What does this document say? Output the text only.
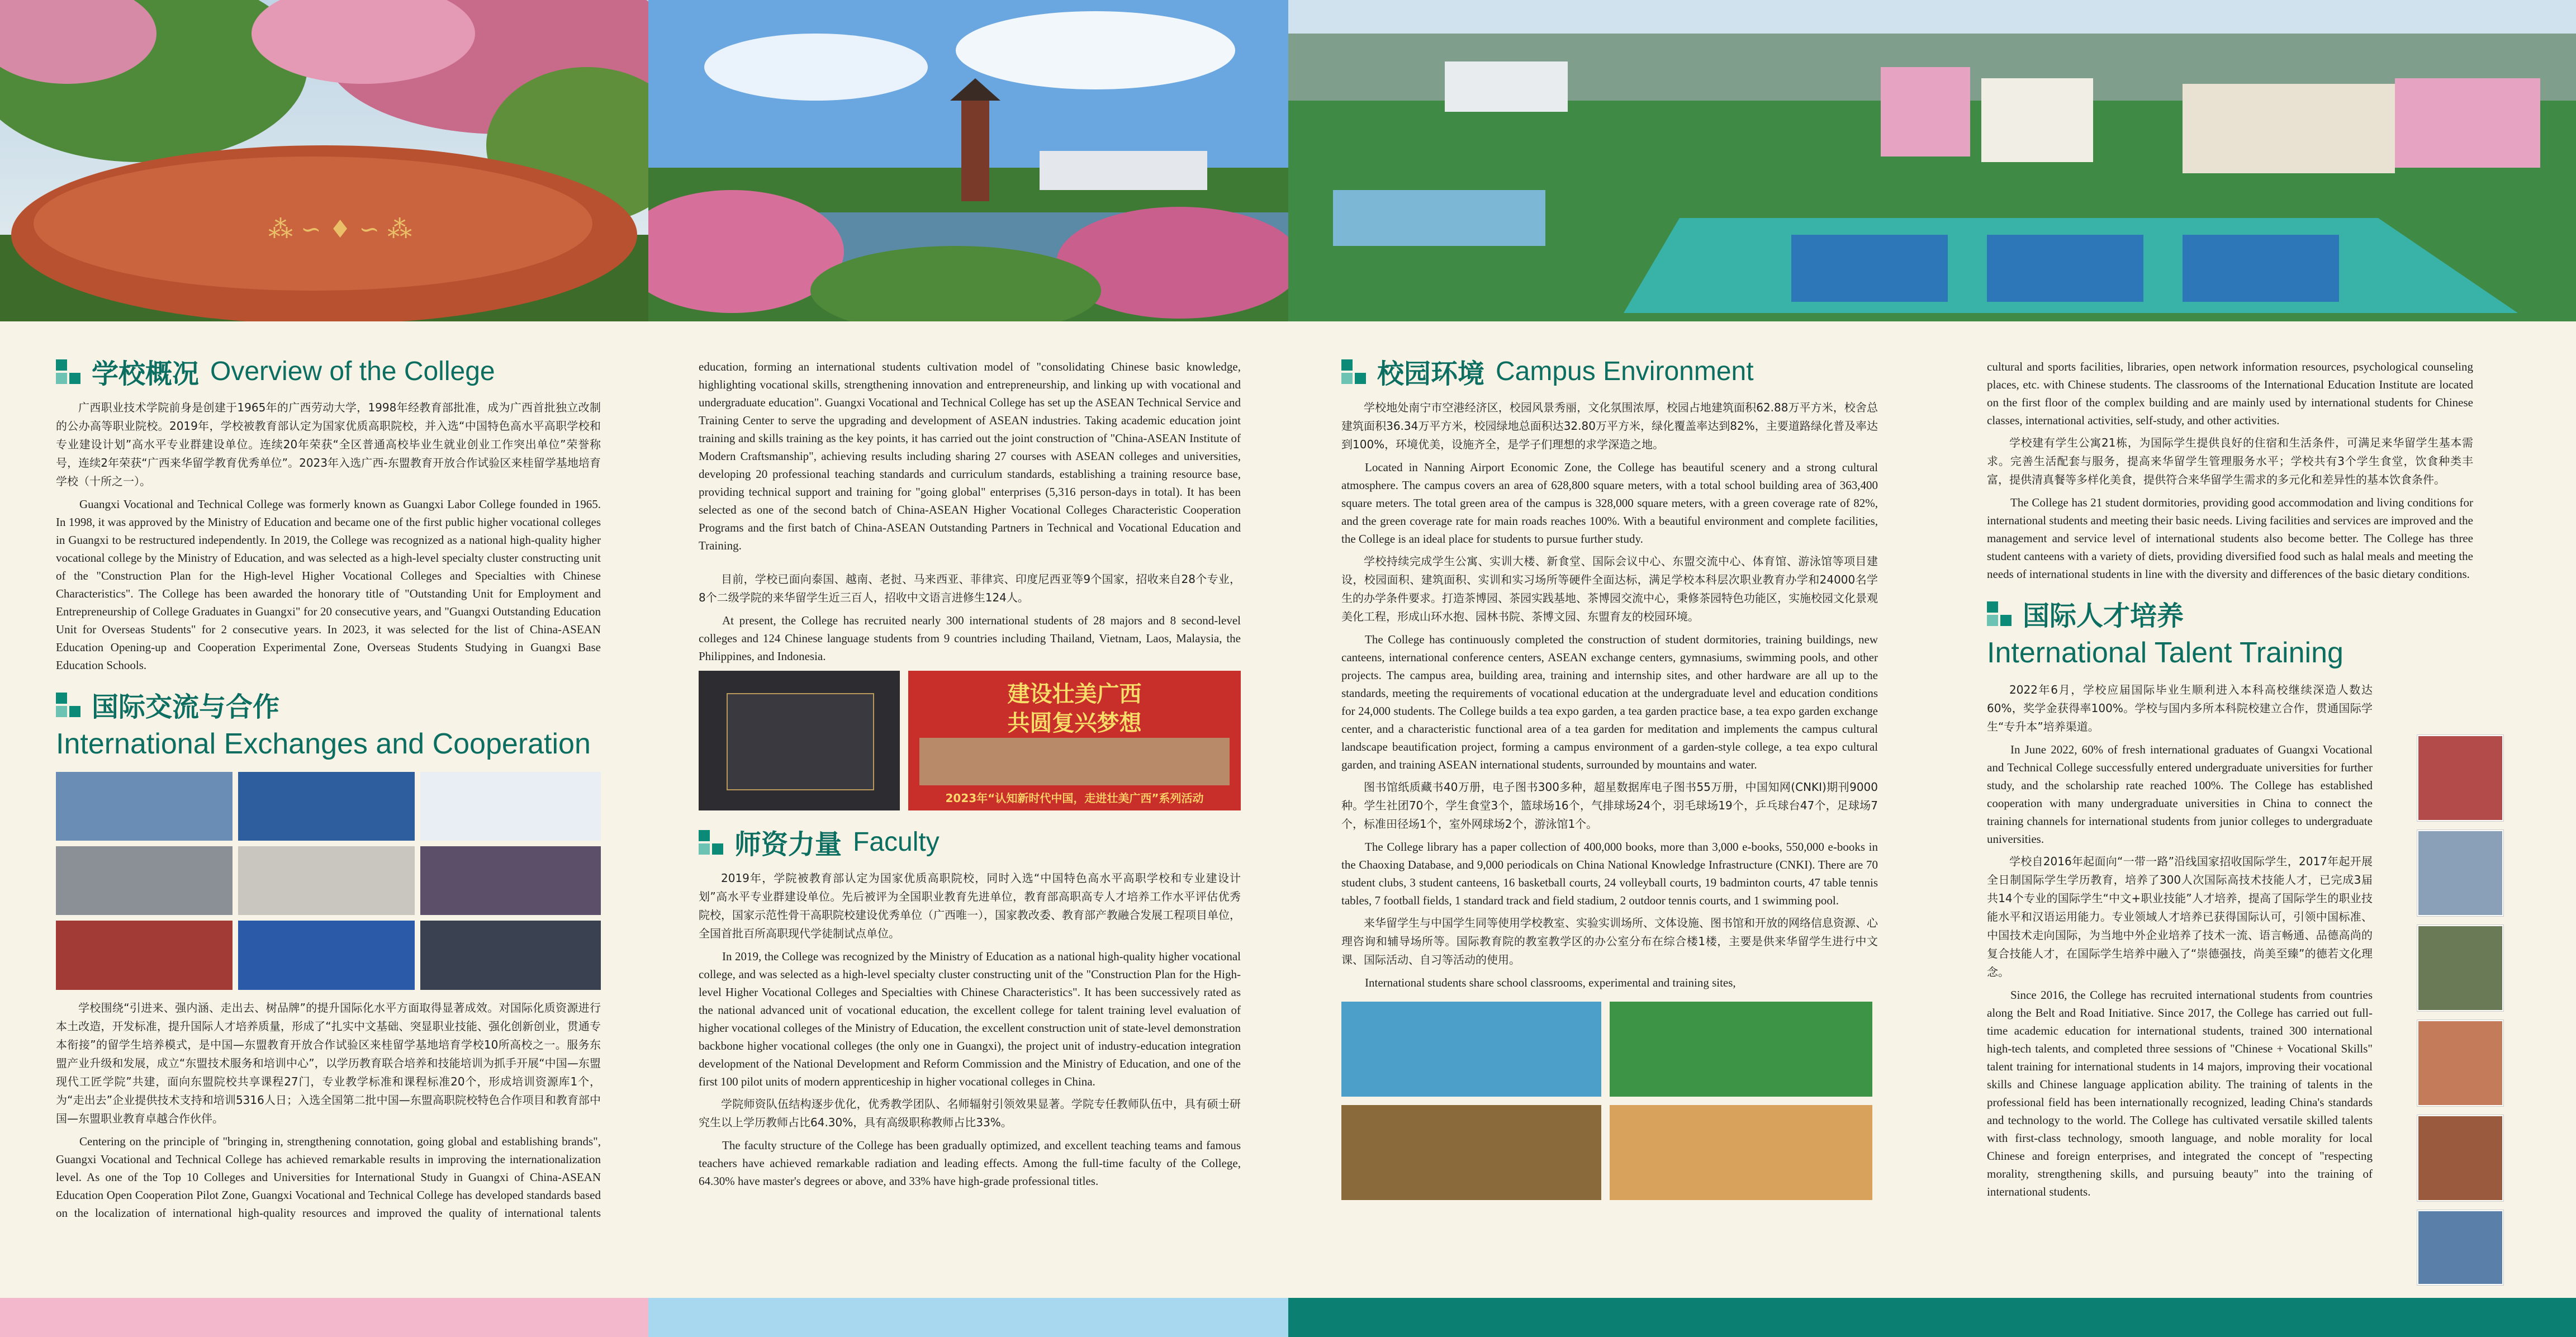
⁂ ∽ ♦ ∽ ⁂
学校概况 Overview of the College

广西职业技术学院前身是创建于1965年的广西劳动大学，1998年经教育部批准，成为广西首批独立改制的公办高等职业院校。2019年，学校被教育部认定为国家优质高职院校，并入选“中国特色高水平高职学校和专业建设计划”高水平专业群建设单位。连续20年荣获“全区普通高校毕业生就业创业工作突出单位”荣誉称号，连续2年荣获“广西来华留学教育优秀单位”。2023年入选广西-东盟教育开放合作试验区来桂留学基地培育学校（十所之一）。

Guangxi Vocational and Technical College was formerly known as Guangxi Labor College founded in 1965. In 1998, it was approved by the Ministry of Education and became one of the first public higher vocational colleges in Guangxi to be restructured independently. In 2019, the College was recognized as a national high-quality higher vocational college by the Ministry of Education, and was selected as a high-level specialty cluster constructing unit of the "Construction Plan for the High-level Higher Vocational Colleges and Specialties with Chinese Characteristics". The College has been awarded the honorary title of "Outstanding Unit for Employment and Entrepreneurship of College Graduates in Guangxi" for 20 consecutive years, and "Guangxi Outstanding Education Unit for Overseas Students" for 2 consecutive years. In 2023, it was selected for the list of China-ASEAN Education Opening-up and Cooperation Experimental Zone, Overseas Students Studying in Guangxi Base Education Schools.

国际交流与合作
International Exchanges and Cooperation

学校围绕“引进来、强内涵、走出去、树品牌”的提升国际化水平方面取得显著成效。对国际化质资源进行本土改造，开发标准，提升国际人才培养质量，形成了“扎实中文基础、突显职业技能、强化创新创业，贯通专本衔接”的留学生培养模式，是中国—东盟教育开放合作试验区来桂留学基地培育学校10所高校之一。服务东盟产业升级和发展，成立“东盟技术服务和培训中心”，以学历教育联合培养和技能培训为抓手开展“中国—东盟现代工匠学院”共建，面向东盟院校共享课程27门，专业教学标准和课程标准20个，形成培训资源库1个，为“走出去”企业提供技术支持和培训5316人日；入选全国第二批中国—东盟高职院校特色合作项目和教育部中国—东盟职业教育卓越合作伙伴。

Centering on the principle of "bringing in, strengthening connotation, going global and establishing brands", Guangxi Vocational and Technical College has achieved remarkable results in improving the internationalization level. As one of the Top 10 Colleges and Universities for International Study in Guangxi of China-ASEAN Education Open Cooperation Pilot Zone, Guangxi Vocational and Technical College has developed standards based on the localization of international high-quality resources and improved the quality of international talents

education, forming an international students cultivation model of "consolidating Chinese basic knowledge, highlighting vocational skills, strengthening innovation and entrepreneurship, and linking up with vocational and undergraduate education". Guangxi Vocational and Technical College has set up the ASEAN Technical Service and Training Center to serve the upgrading and development of ASEAN industries. Taking academic education joint training and skills training as the key points, it has carried out the joint construction of "China-ASEAN Institute of Modern Craftsmanship", achieving results including sharing 27 courses with ASEAN colleges and universities, developing 20 professional teaching standards and curriculum standards, establishing a training resource base, providing technical support and training for "going global" enterprises (5,316 person-days in total). It has been selected as one of the second batch of China-ASEAN Higher Vocational Colleges Characteristic Cooperation Programs and the first batch of China-ASEAN Outstanding Partners in Technical and Vocational Education and Training.

目前，学校已面向泰国、越南、老挝、马来西亚、菲律宾、印度尼西亚等9个国家，招收来自28个专业，8个二级学院的来华留学生近三百人，招收中文语言进修生124人。

At present, the College has recruited nearly 300 international students of 28 majors and 8 second-level colleges and 124 Chinese language students from 9 countries including Thailand, Vietnam, Laos, Malaysia, the Philippines, and Indonesia.

建设壮美广西
共圆复兴梦想
2023年“认知新时代中国，走进壮美广西”系列活动
师资力量 Faculty

2019年，学院被教育部认定为国家优质高职院校，同时入选“中国特色高水平高职学校和专业建设计划”高水平专业群建设单位。先后被评为全国职业教育先进单位，教育部高职高专人才培养工作水平评估优秀院校，国家示范性骨干高职院校建设优秀单位（广西唯一），国家教改委、教育部产教融合发展工程项目单位，全国首批百所高职现代学徒制试点单位。

In 2019, the College was recognized by the Ministry of Education as a national high-quality higher vocational college, and was selected as a high-level specialty cluster constructing unit of the "Construction Plan for the High-level Higher Vocational Colleges and Specialties with Chinese Characteristics". It has been successively rated as the national advanced unit of vocational education, the excellent college for talent training level evaluation of higher vocational colleges of the Ministry of Education, the excellent construction unit of state-level demonstration backbone higher vocational colleges (the only one in Guangxi), the project unit of industry-education integration development of the National Development and Reform Commission and the Ministry of Education, and one of the first 100 pilot units of modern apprenticeship in higher vocational colleges in China.

学院师资队伍结构逐步优化，优秀教学团队、名师辐射引领效果显著。学院专任教师队伍中，具有硕士研究生以上学历教师占比64.30%，具有高级职称教师占比33%。

The faculty structure of the College has been gradually optimized, and excellent teaching teams and famous teachers have achieved remarkable radiation and leading effects. Among the full-time faculty of the College, 64.30% have master's degrees or above, and 33% have high-grade professional titles.

校园环境 Campus Environment

学校地处南宁市空港经济区，校园风景秀丽，文化氛围浓厚，校园占地建筑面积62.88万平方米，校舍总建筑面积36.34万平方米，校园绿地总面积达32.80万平方米，绿化覆盖率达到82%，主要道路绿化普及率达到100%，环境优美，设施齐全，是学子们理想的求学深造之地。

Located in Nanning Airport Economic Zone, the College has beautiful scenery and a strong cultural atmosphere. The campus covers an area of 628,800 square meters, with a total school building area of 363,400 square meters. The total green area of the campus is 328,000 square meters, with a green coverage rate of 82%, and the green coverage rate for main roads reaches 100%. With a beautiful environment and complete facilities, the College is an ideal place for students to pursue further study.

学校持续完成学生公寓、实训大楼、新食堂、国际会议中心、东盟交流中心、体育馆、游泳馆等项目建设，校园面积、建筑面积、实训和实习场所等硬件全面达标，满足学校本科层次职业教育办学和24000名学生的办学条件要求。打造茶博园、茶园实践基地、茶博园交流中心，秉修茶园特色功能区，实施校园文化景观美化工程，形成山环水抱、园林书院、茶博文园、东盟育友的校园环境。

The College has continuously completed the construction of student dormitories, training buildings, new canteens, international conference centers, ASEAN exchange centers, gymnasiums, swimming pools, and other projects. The campus area, building area, training and internship sites, and other hardware are all up to the standards, meeting the requirements of vocational education at the undergraduate level and education conditions for 24,000 students. The College builds a tea expo garden, a tea garden practice base, a tea expo garden exchange center, and a characteristic functional area of a tea garden for meditation and implements the campus cultural landscape beautification project, forming a campus environment of a garden-style college, a tea expo cultural garden, and training ASEAN international students, surrounded by mountains and water.

图书馆纸质藏书40万册，电子图书300多种，超星数据库电子图书55万册，中国知网(CNKI)期刊9000种。学生社团70个，学生食堂3个，篮球场16个，气排球场24个，羽毛球场19个，乒乓球台47个，足球场7个，标准田径场1个，室外网球场2个，游泳馆1个。

The College library has a paper collection of 400,000 books, more than 3,000 e-books, 550,000 e-books in the Chaoxing Database, and 9,000 periodicals on China National Knowledge Infrastructure (CNKI). There are 70 student clubs, 3 student canteens, 16 basketball courts, 24 volleyball courts, 19 badminton courts, 47 table tennis tables, 7 football fields, 1 standard track and field stadium, 2 outdoor tennis courts, and 1 swimming pool.

来华留学生与中国学生同等使用学校教室、实验实训场所、文体设施、图书馆和开放的网络信息资源、心理咨询和辅导场所等。国际教育院的教室教学区的办公室分布在综合楼1楼，主要是供来华留学生进行中文课、国际活动、自习等活动的使用。

International students share school classrooms, experimental and training sites,

cultural and sports facilities, libraries, open network information resources, psychological counseling places, etc. with Chinese students. The classrooms of the International Education Institute are located on the first floor of the complex building and are mainly used by international students for Chinese classes, international activities, self-study, and other activities.

学校建有学生公寓21栋，为国际学生提供良好的住宿和生活条件，可满足来华留学生基本需求。完善生活配套与服务，提高来华留学生管理服务水平；学校共有3个学生食堂，饮食种类丰富，提供清真餐等多样化美食，提供符合来华留学生需求的多元化和差异性的基本饮食条件。

The College has 21 student dormitories, providing good accommodation and living conditions for international students and meeting their basic needs. Living facilities and services are improved and the management and service level of international students also become better. The College has three student canteens with a variety of diets, providing diversified food such as halal meals and meeting the needs of international students in line with the diversity and differences of the basic dietary conditions.

国际人才培养
International Talent Training

2022年6月，学校应届国际毕业生顺利进入本科高校继续深造人数达60%，奖学金获得率100%。学校与国内多所本科院校建立合作，贯通国际学生“专升本”培养渠道。

In June 2022, 60% of fresh international graduates of Guangxi Vocational and Technical College successfully entered undergraduate universities for further study, and the scholarship rate reached 100%. The College has established cooperation with many undergraduate universities in China to connect the training channels for international students from junior colleges to undergraduate universities.

学校自2016年起面向“一带一路”沿线国家招收国际学生，2017年起开展全日制国际学生学历教育，培养了300人次国际高技术技能人才，已完成3届共14个专业的国际学生“中文+职业技能”人才培养，提高了国际学生的职业技能水平和汉语运用能力。专业领域人才培养已获得国际认可，引领中国标准、中国技术走向国际，为当地中外企业培养了技术一流、语言畅通、品德高尚的复合技能人才，在国际学生培养中融入了“崇德强技，尚美至臻”的德若文化理念。

Since 2016, the College has recruited international students from countries along the Belt and Road Initiative. Since 2017, the College has carried out full-time academic education for international students, trained 300 international high-tech talents, and completed three sessions of "Chinese + Vocational Skills" talent training for international students in 14 majors, improving their vocational skills and Chinese language application ability. The training of talents in the professional field has been internationally recognized, leading China's standards and technology to the world. The College has cultivated versatile skilled talents with first-class technology, smooth language, and noble morality for local Chinese and foreign enterprises, and integrated the concept of "respecting morality, strengthening skills, and pursuing beauty" into the training of international students.
